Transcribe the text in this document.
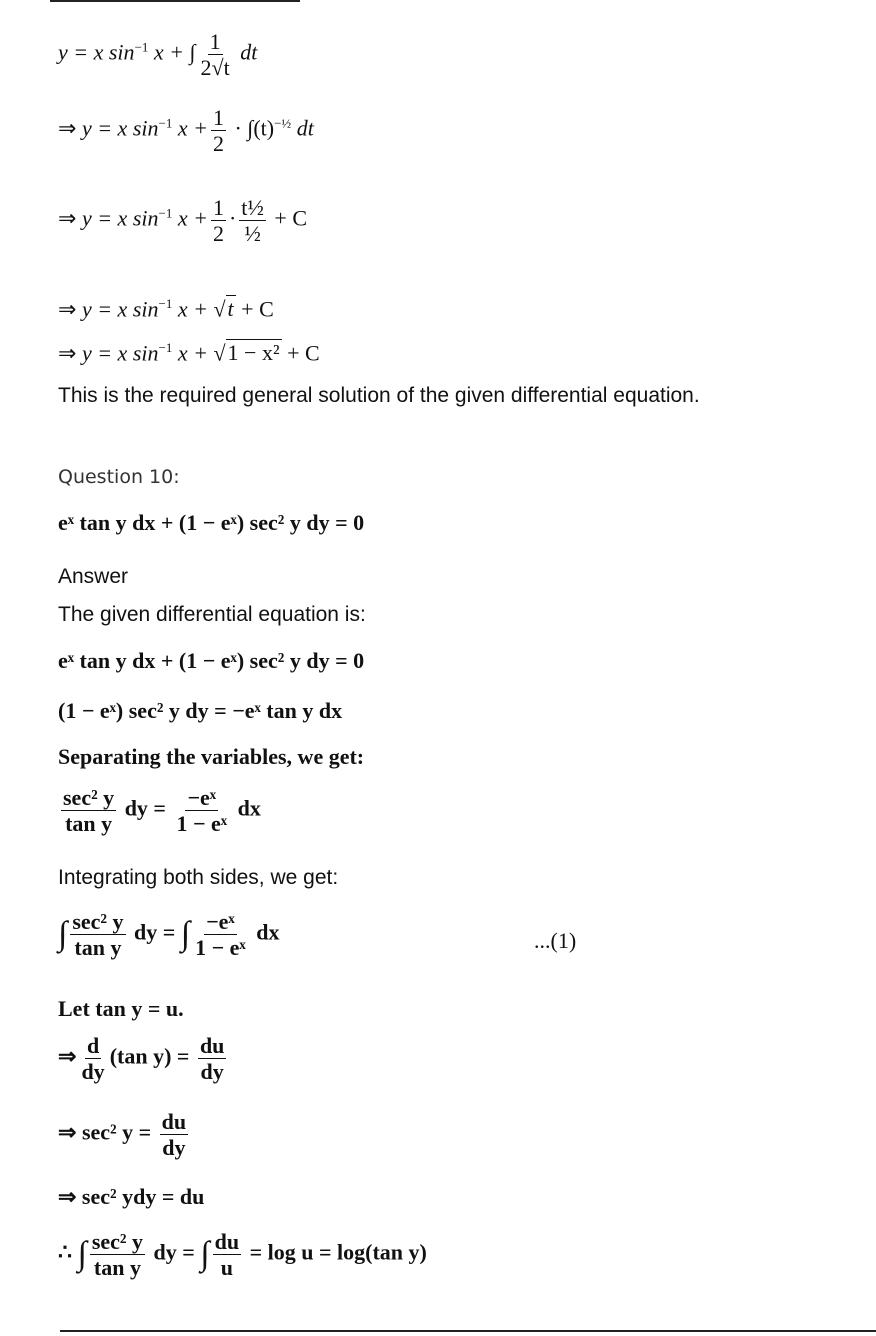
y = x $\sin^{-1} x$ + ∫ $\frac{1}{2√t}$ dt
⇒ y = x $\sin^{-1} x + \frac{1}{2} \cdot \int(t)^{-\frac{1}{2}}$ dt
⇒ y = x $\sin^{-1} x + \frac{1}{2} \cdot \frac{\text{t½}}{\text{½}} + C$
⇒ y = x $\sin^{-1} x + √t + C$
⇒ y = x $\sin^{-1} x + √1 - x^2 + C$
This is the required general solution of the given differential equation.
Question 10:
eˣ tan y dx + (1 − eˣ) sec² y dy = 0
Answer
The given differential equation is:
eˣ tan y dx + (1 − eˣ) sec² y dy = 0
(1 − eˣ) sec² y dy = −eˣ tan y dx
Separating the variables, we get:
$\frac{\text{sec² y}}{\text{tan y}}$ dy = $\frac{\text{−eˣ}}{\text{1 − eˣ}}$ dx
Integrating both sides, we get:
∫ $\frac{\text{sec² y}}{\text{tan y}}$ dy = ∫ $\frac{\text{−eˣ}}{\text{1 − eˣ}}$ dx	...(1)
Let tan y = u.
⇒ $\frac{d}{dy} (\tan$ $y) = \frac{du}{dy}$
⇒ sec² $y = \frac{du}{dy}$
⇒ sec² ydy = du
∴ ∫ $\frac{\text{sec² y}}{\text{tan y}}$ dy = ∫ $\frac{du}{u} = \log u = \log(\tan$ y)
